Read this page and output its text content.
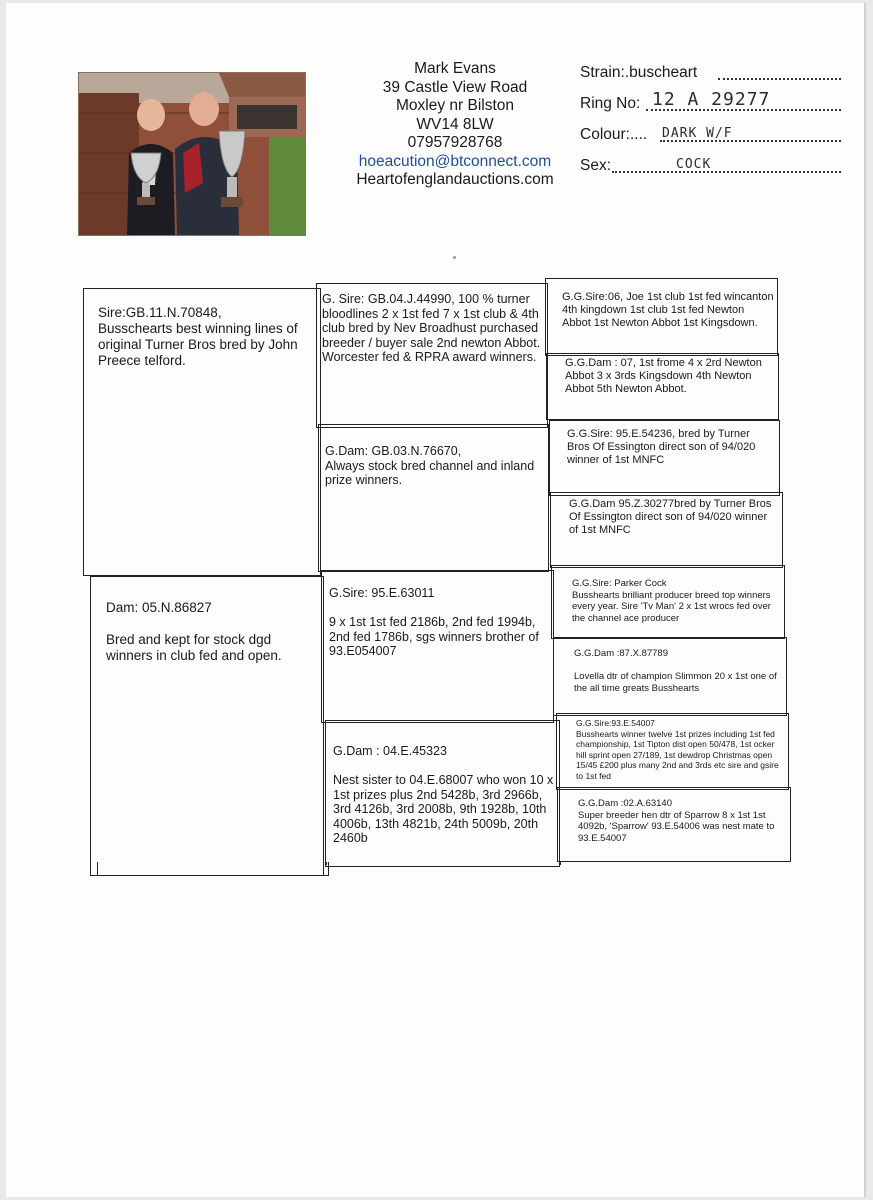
Mark Evans
39 Castle View Road
Moxley nr Bilston
WV14 8LW
07957928768
hoeacution@btconnect.com
Heartofenglandauctions.com
Strain:.buscheart
Ring No: 12 A 29277
Colour:.... DARK W/F
Sex:	COCK
Sire:GB.11.N.70848,
Busschearts best winning lines of original Turner Bros bred by John Preece telford.
G. Sire: GB.04.J.44990, 100 % turner bloodlines 2 x 1st fed 7 x 1st club & 4th club bred by Nev Broadhust purchased breeder / buyer sale 2nd newton Abbot. Worcester fed & RPRA award winners.
G.G.Sire:06, Joe 1st club 1st fed wincanton 4th kingdown 1st club 1st fed Newton Abbot 1st Newton Abbot 1st Kingsdown.
G.G.Dam : 07, 1st frome 4 x 2rd Newton Abbot 3 x 3rds Kingsdown 4th Newton Abbot 5th Newton Abbot.
G.Dam: GB.03.N.76670,
Always stock bred channel and inland prize winners.
G.G.Sire: 95.E.54236, bred by Turner Bros Of Essington direct son of 94/020 winner of 1st MNFC
G.G.Dam 95.Z.30277bred by Turner Bros Of Essington direct son of 94/020 winner of 1st MNFC
Dam: 05.N.86827

Bred and kept for stock dgd winners in club fed and open.
G.Sire: 95.E.63011

9 x 1st 1st fed 2186b, 2nd fed 1994b, 2nd fed 1786b, sgs winners brother of 93.E054007
G.G.Sire: Parker Cock
Busshearts brilliant producer breed top winners every year. Sire 'Tv Man' 2 x 1st wrocs fed over the channel ace producer
G.G.Dam :87.X.87789

Lovella dtr of champion Slimmon 20 x 1st one of the all time greats Busshearts
G.Dam : 04.E.45323

Nest sister to 04.E.68007 who won 10 x 1st prizes plus 2nd 5428b, 3rd 2966b, 3rd 4126b, 3rd 2008b, 9th 1928b, 10th 4006b, 13th 4821b, 24th 5009b, 20th 2460b
G.G.Sire:93.E.54007
Busshearts winner twelve 1st prizes including 1st fed championship, 1st Tipton dist open 50/478, 1st ocker hill sprint open 27/189, 1st dewdrop Christmas open 15/45 £200 plus many 2nd and 3rds etc sire and gsire to 1st fed
G.G.Dam :02.A.63140
Super breeder hen dtr of Sparrow 8 x 1st 1st 4092b, 'Sparrow' 93.E.54006 was nest mate to 93.E.54007
